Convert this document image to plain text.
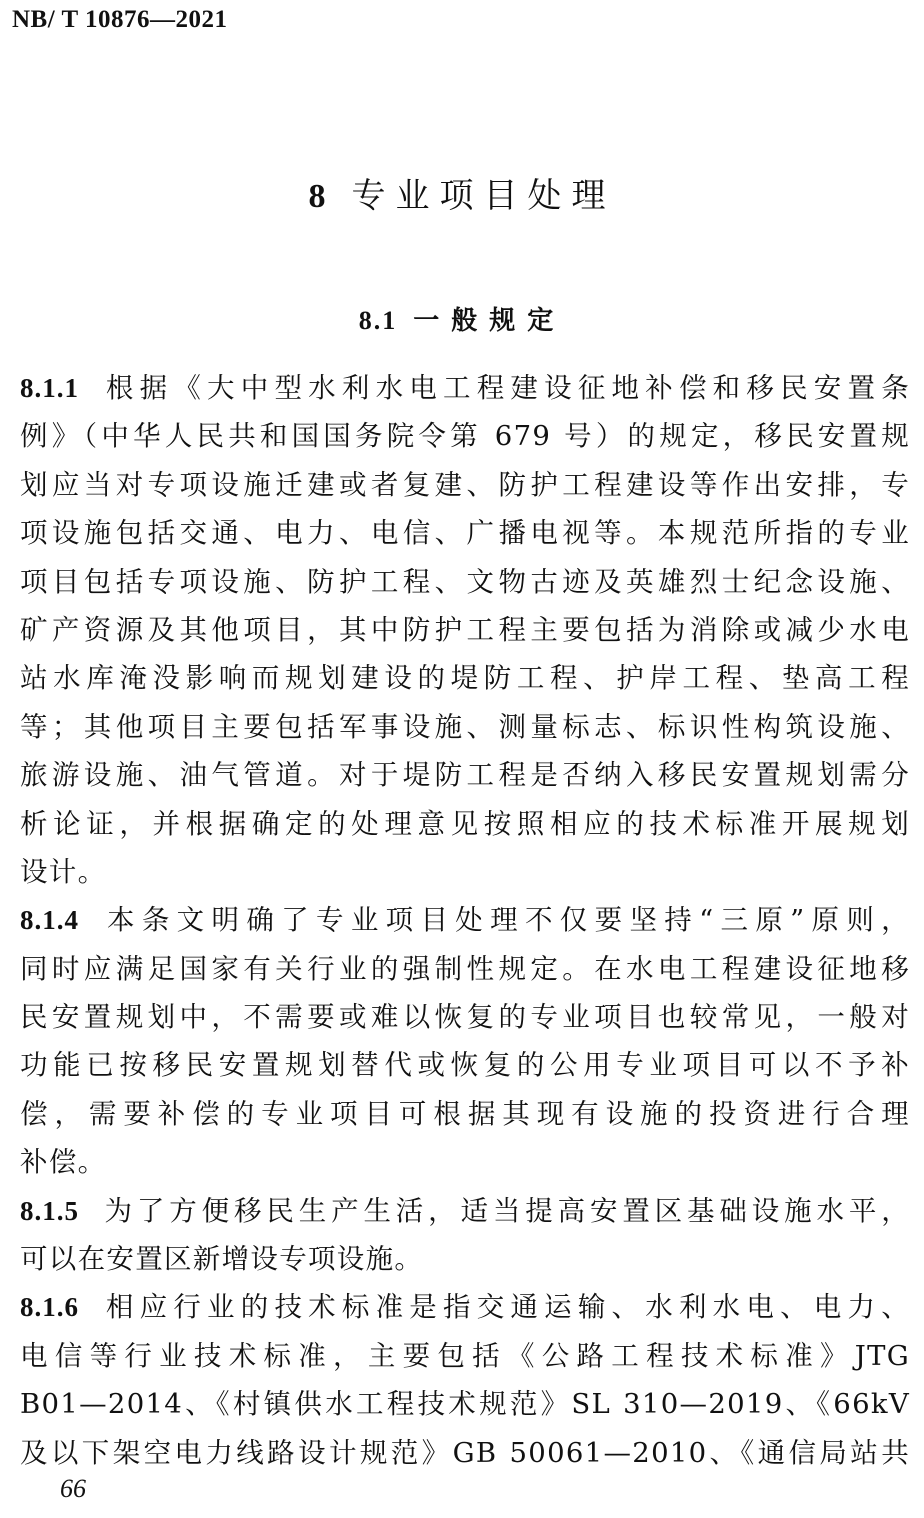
NB/ T 10876—2021
8 专业项目处理
8.1 一般规定
8.1.1 根据《大中型水利水电工程建设征地补偿和移民安置条
例》（中华人民共和国国务院令第 679 号）的规定，移民安置规
划应当对专项设施迁建或者复建、防护工程建设等作出安排，专
项设施包括交通、电力、电信、广播电视等。本规范所指的专业
项目包括专项设施、防护工程、文物古迹及英雄烈士纪念设施、
矿产资源及其他项目，其中防护工程主要包括为消除或减少水电
站水库淹没影响而规划建设的堤防工程、护岸工程、垫高工程
等；其他项目主要包括军事设施、测量标志、标识性构筑设施、
旅游设施、油气管道。对于堤防工程是否纳入移民安置规划需分
析论证，并根据确定的处理意见按照相应的技术标准开展规划
设计。
8.1.4 本条文明确了专业项目处理不仅要坚持“三原”原则，
同时应满足国家有关行业的强制性规定。在水电工程建设征地移
民安置规划中，不需要或难以恢复的专业项目也较常见，一般对
功能已按移民安置规划替代或恢复的公用专业项目可以不予补
偿，需要补偿的专业项目可根据其现有设施的投资进行合理
补偿。
8.1.5 为了方便移民生产生活，适当提高安置区基础设施水平，
可以在安置区新增设专项设施。
8.1.6 相应行业的技术标准是指交通运输、水利水电、电力、
电信等行业技术标准，主要包括《公路工程技术标准》JTG
B01—2014、《村镇供水工程技术规范》SL 310—2019、《66kV
及以下架空电力线路设计规范》GB 50061—2010、《通信局站共
66
